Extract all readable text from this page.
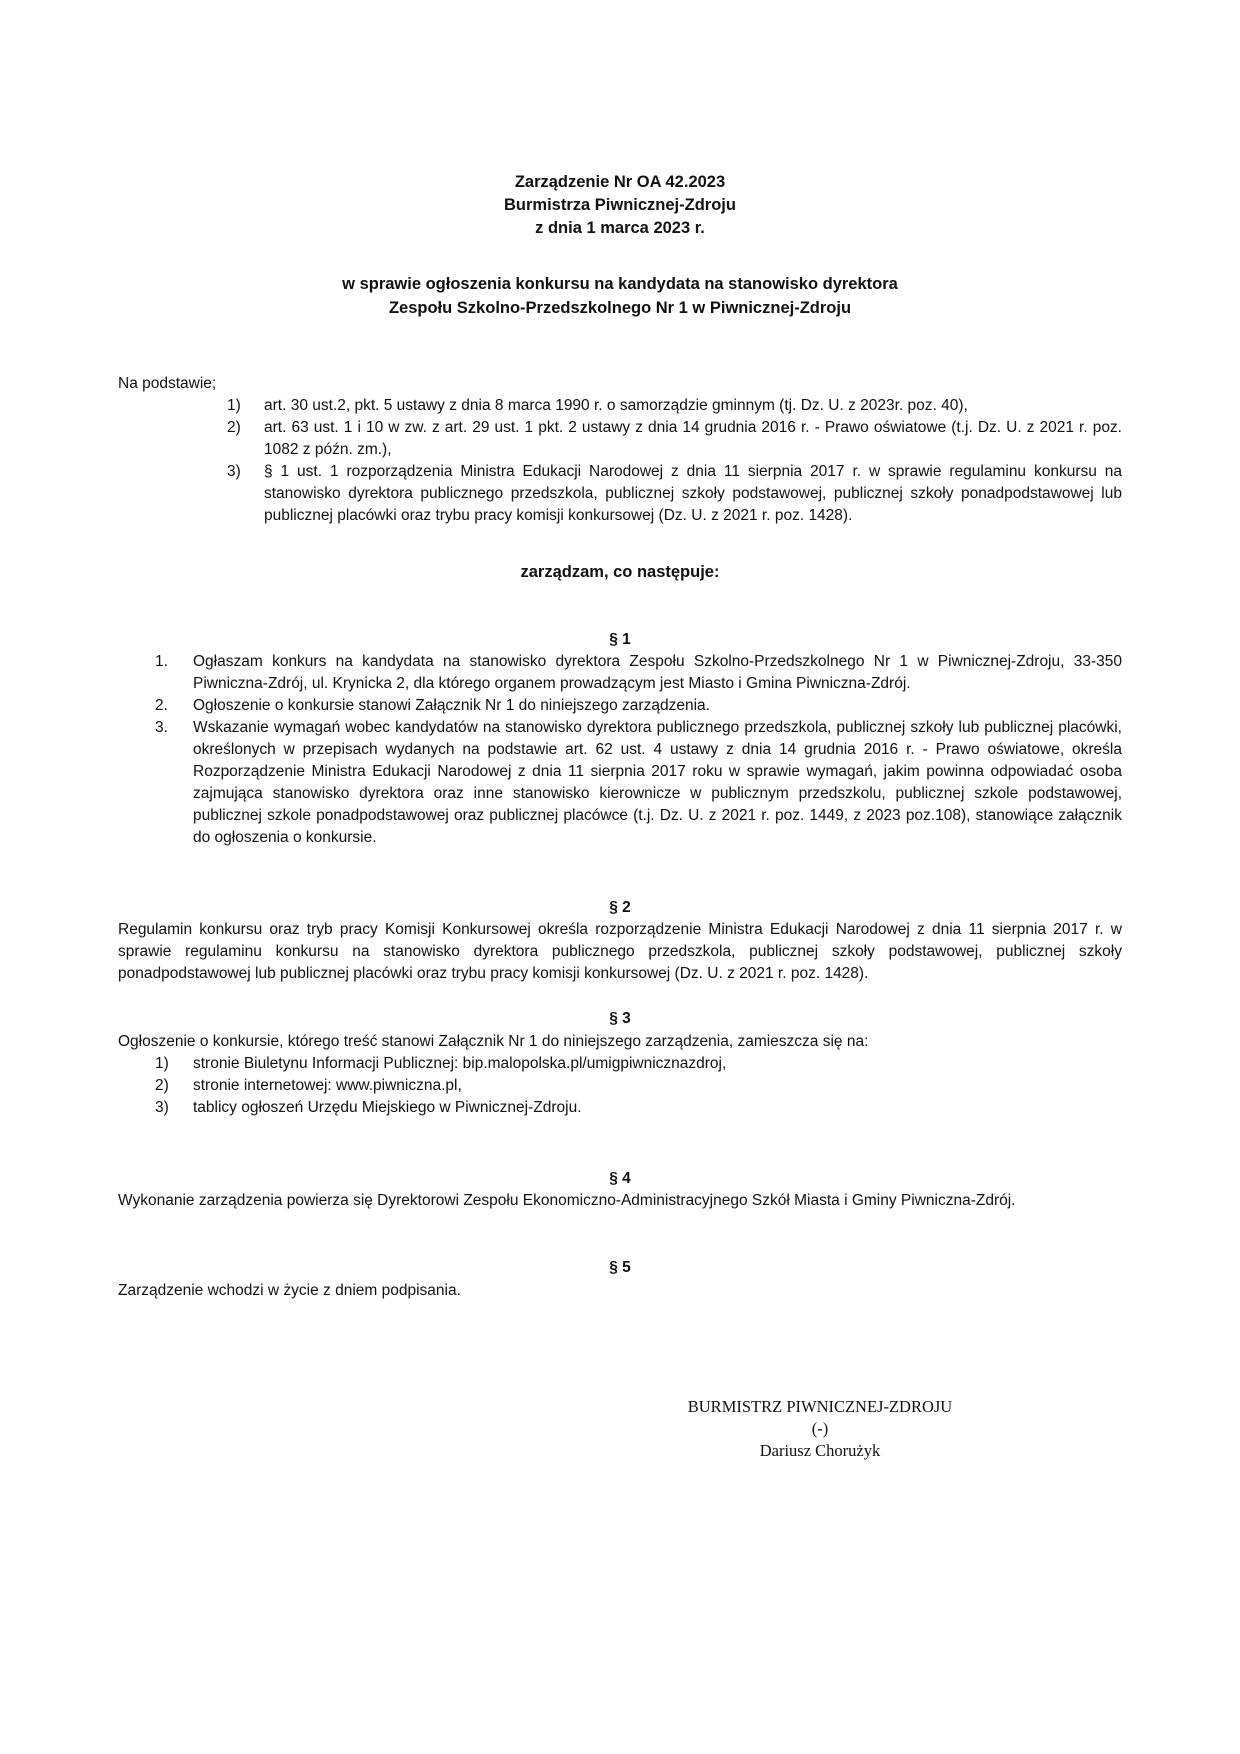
Zarządzenie Nr OA 42.2023
Burmistrza Piwnicznej-Zdroju
z dnia 1 marca 2023 r.
w sprawie ogłoszenia konkursu na kandydata na stanowisko dyrektora
Zespołu Szkolno-Przedszkolnego Nr 1 w Piwnicznej-Zdroju
Na podstawie;
1)	art. 30 ust.2, pkt. 5 ustawy z dnia 8 marca 1990 r. o samorządzie gminnym (tj. Dz. U. z 2023r. poz. 40),
2)	art. 63 ust. 1 i 10 w zw. z art. 29 ust. 1 pkt. 2 ustawy z dnia 14 grudnia 2016 r. - Prawo oświatowe (t.j. Dz. U. z 2021 r. poz. 1082 z późn. zm.),
3)	§ 1 ust. 1 rozporządzenia Ministra Edukacji Narodowej z dnia 11 sierpnia 2017 r. w sprawie regulaminu konkursu na stanowisko dyrektora publicznego przedszkola, publicznej szkoły podstawowej, publicznej szkoły ponadpodstawowej lub publicznej placówki oraz trybu pracy komisji konkursowej (Dz. U. z 2021 r. poz. 1428).
zarządzam, co następuje:
§ 1
1.	Ogłaszam konkurs na kandydata na stanowisko dyrektora Zespołu Szkolno-Przedszkolnego Nr 1 w Piwnicznej-Zdroju, 33-350 Piwniczna-Zdrój, ul. Krynicka 2, dla którego organem prowadzącym jest Miasto i Gmina Piwniczna-Zdrój.
2.	Ogłoszenie o konkursie stanowi Załącznik Nr 1 do niniejszego zarządzenia.
3.	Wskazanie wymagań wobec kandydatów na stanowisko dyrektora publicznego przedszkola, publicznej szkoły lub publicznej placówki, określonych w przepisach wydanych na podstawie art. 62 ust. 4 ustawy z dnia 14 grudnia 2016 r. - Prawo oświatowe, określa Rozporządzenie Ministra Edukacji Narodowej z dnia 11 sierpnia 2017 roku w sprawie wymagań, jakim powinna odpowiadać osoba zajmująca stanowisko dyrektora oraz inne stanowisko kierownicze w publicznym przedszkolu, publicznej szkole podstawowej, publicznej szkole ponadpodstawowej oraz publicznej placówce (t.j. Dz. U. z 2021 r. poz. 1449, z 2023 poz.108), stanowiące załącznik do ogłoszenia o konkursie.
§ 2

Regulamin konkursu oraz tryb pracy Komisji Konkursowej określa rozporządzenie Ministra Edukacji Narodowej z dnia 11 sierpnia 2017 r. w sprawie regulaminu konkursu na stanowisko dyrektora publicznego przedszkola, publicznej szkoły podstawowej, publicznej szkoły ponadpodstawowej lub publicznej placówki oraz trybu pracy komisji konkursowej (Dz. U. z 2021 r. poz. 1428).

§ 3
Ogłoszenie o konkursie, którego treść stanowi Załącznik Nr 1 do niniejszego zarządzenia, zamieszcza się na:
1)	stronie Biuletynu Informacji Publicznej: bip.malopolska.pl/umigpiwnicznazdroj,
2)	stronie internetowej: www.piwniczna.pl,
3)	tablicy ogłoszeń Urzędu Miejskiego w Piwnicznej-Zdroju.
§ 4

Wykonanie zarządzenia powierza się Dyrektorowi Zespołu Ekonomiczno-Administracyjnego Szkół Miasta i Gminy Piwniczna-Zdrój.

§ 5

Zarządzenie wchodzi w życie z dniem podpisania.

BURMISTRZ PIWNICZNEJ-ZDROJU
(-)
Dariusz Chorużyk
